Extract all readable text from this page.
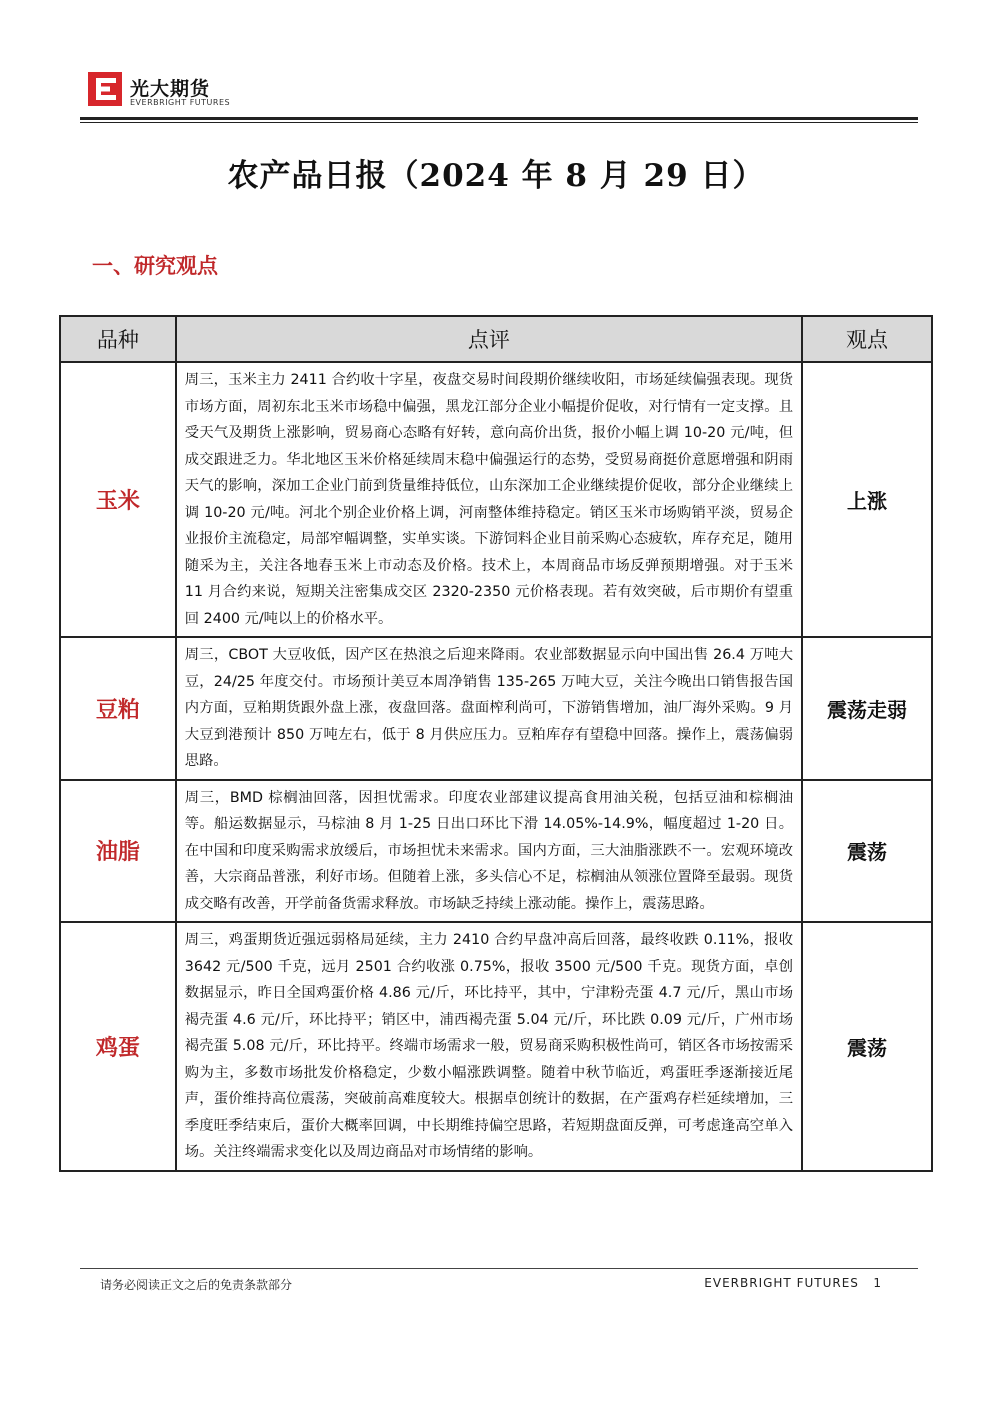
光大期货
EVERBRIGHT FUTURES
农产品日报（2024 年 8 月 29 日）
一、研究观点
品种	点评	观点
玉米	周三，玉米主力 2411 合约收十字星，夜盘交易时间段期价继续收阳，市场延续偏强表现。现货市场方面，周初东北玉米市场稳中偏强，黑龙江部分企业小幅提价促收，对行情有一定支撑。且受天气及期货上涨影响，贸易商心态略有好转，意向高价出货，报价小幅上调 10-20 元/吨，但成交跟进乏力。华北地区玉米价格延续周末稳中偏强运行的态势，受贸易商挺价意愿增强和阴雨天气的影响，深加工企业门前到货量维持低位，山东深加工企业继续提价促收，部分企业继续上调 10-20 元/吨。河北个别企业价格上调，河南整体维持稳定。销区玉米市场购销平淡，贸易企业报价主流稳定，局部窄幅调整，实单实谈。下游饲料企业目前采购心态疲软，库存充足，随用随采为主，关注各地春玉米上市动态及价格。技术上，本周商品市场反弹预期增强。对于玉米 11 月合约来说，短期关注密集成交区 2320-2350 元价格表现。若有效突破，后市期价有望重回 2400 元/吨以上的价格水平。	上涨
豆粕	周三，CBOT 大豆收低，因产区在热浪之后迎来降雨。农业部数据显示向中国出售 26.4 万吨大豆，24/25 年度交付。市场预计美豆本周净销售 135-265 万吨大豆，关注今晚出口销售报告国内方面，豆粕期货跟外盘上涨，夜盘回落。盘面榨利尚可，下游销售增加，油厂海外采购。9 月大豆到港预计 850 万吨左右，低于 8 月供应压力。豆粕库存有望稳中回落。操作上，震荡偏弱思路。	震荡走弱
油脂	周三，BMD 棕榈油回落，因担忧需求。印度农业部建议提高食用油关税，包括豆油和棕榈油等。船运数据显示，马棕油 8 月 1-25 日出口环比下滑 14.05%-14.9%，幅度超过 1-20 日。在中国和印度采购需求放缓后，市场担忧未来需求。国内方面，三大油脂涨跌不一。宏观环境改善，大宗商品普涨，利好市场。但随着上涨，多头信心不足，棕榈油从领涨位置降至最弱。现货成交略有改善，开学前备货需求释放。市场缺乏持续上涨动能。操作上，震荡思路。	震荡
鸡蛋	周三，鸡蛋期货近强远弱格局延续，主力 2410 合约早盘冲高后回落，最终收跌 0.11%，报收 3642 元/500 千克，远月 2501 合约收涨 0.75%，报收 3500 元/500 千克。现货方面，卓创数据显示，昨日全国鸡蛋价格 4.86 元/斤，环比持平，其中，宁津粉壳蛋 4.7 元/斤，黑山市场褐壳蛋 4.6 元/斤，环比持平；销区中，浦西褐壳蛋 5.04 元/斤，环比跌 0.09 元/斤，广州市场褐壳蛋 5.08 元/斤，环比持平。终端市场需求一般，贸易商采购积极性尚可，销区各市场按需采购为主，多数市场批发价格稳定，少数小幅涨跌调整。随着中秋节临近，鸡蛋旺季逐渐接近尾声，蛋价维持高位震荡，突破前高难度较大。根据卓创统计的数据，在产蛋鸡存栏延续增加，三季度旺季结束后，蛋价大概率回调，中长期维持偏空思路，若短期盘面反弹，可考虑逢高空单入场。关注终端需求变化以及周边商品对市场情绪的影响。	震荡
请务必阅读正文之后的免责条款部分	EVERBRIGHT FUTURES 1
